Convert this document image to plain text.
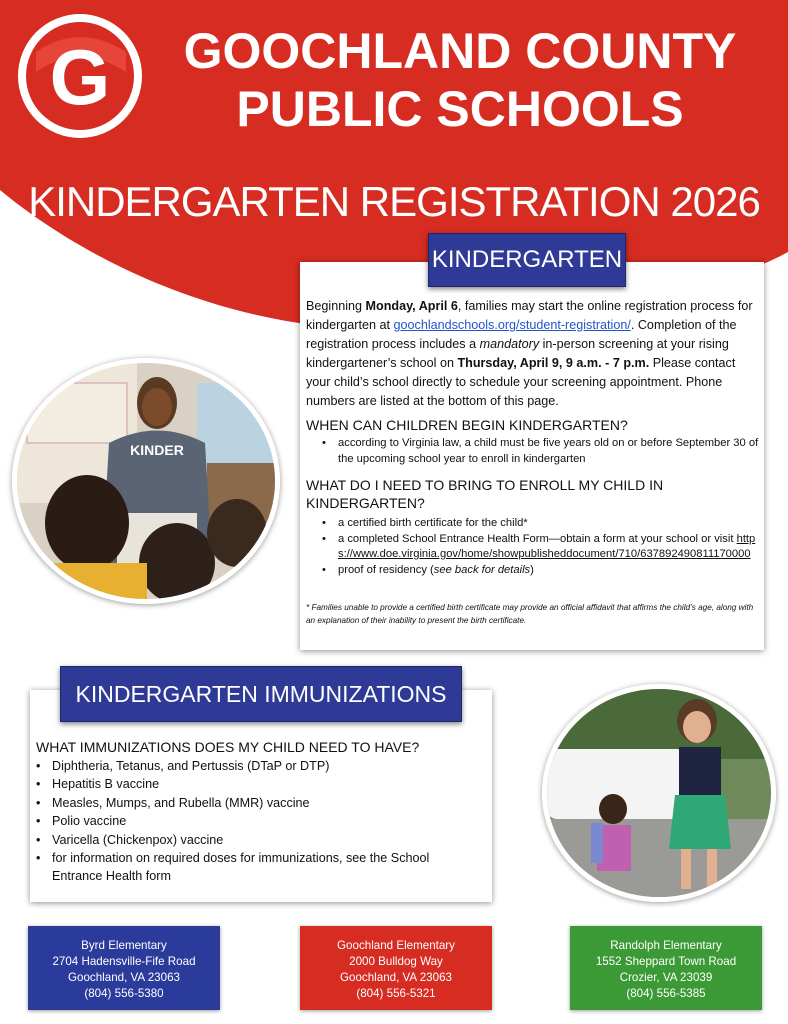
G	GOOCHLAND COUNTY
PUBLIC SCHOOLS
KINDERGARTEN REGISTRATION 2026
KINDER
KINDERGARTEN
Beginning Monday, April 6, families may start the online registration process for kindergarten at goochlandschools.org/student-registration/. Completion of the registration process includes a mandatory in-person screening at your rising kindergartener’s school on Thursday, April 9, 9 a.m. - 7 p.m. Please contact your child’s school directly to schedule your screening appointment. Phone numbers are listed at the bottom of this page.
WHEN CAN CHILDREN BEGIN KINDERGARTEN?
• according to Virginia law, a child must be five years old on or before September 30 of the upcoming school year to enroll in kindergarten
WHAT DO I NEED TO BRING TO ENROLL MY CHILD IN KINDERGARTEN?
• a certified birth certificate for the child*
• a completed School Entrance Health Form—obtain a form at your school or visit https://www.doe.virginia.gov/home/showpublisheddocument/710/637892490811170000
• proof of residency (see back for details)
* Families unable to provide a certified birth certificate may provide an official affidavit that affirms the child’s age, along with an explanation of their inability to present the birth certificate.
KINDERGARTEN IMMUNIZATIONS
WHAT IMMUNIZATIONS DOES MY CHILD NEED TO HAVE?
• Diphtheria, Tetanus, and Pertussis (DTaP or DTP)
• Hepatitis B vaccine
• Measles, Mumps, and Rubella (MMR) vaccine
• Polio vaccine
• Varicella (Chickenpox) vaccine
• for information on required doses for immunizations, see the School Entrance Health form
Byrd Elementary
2704 Hadensville-Fife Road
Goochland, VA 23063
(804) 556-5380
Goochland Elementary
2000 Bulldog Way
Goochland, VA 23063
(804) 556-5321
Randolph Elementary
1552 Sheppard Town Road
Crozier, VA 23039
(804) 556-5385
